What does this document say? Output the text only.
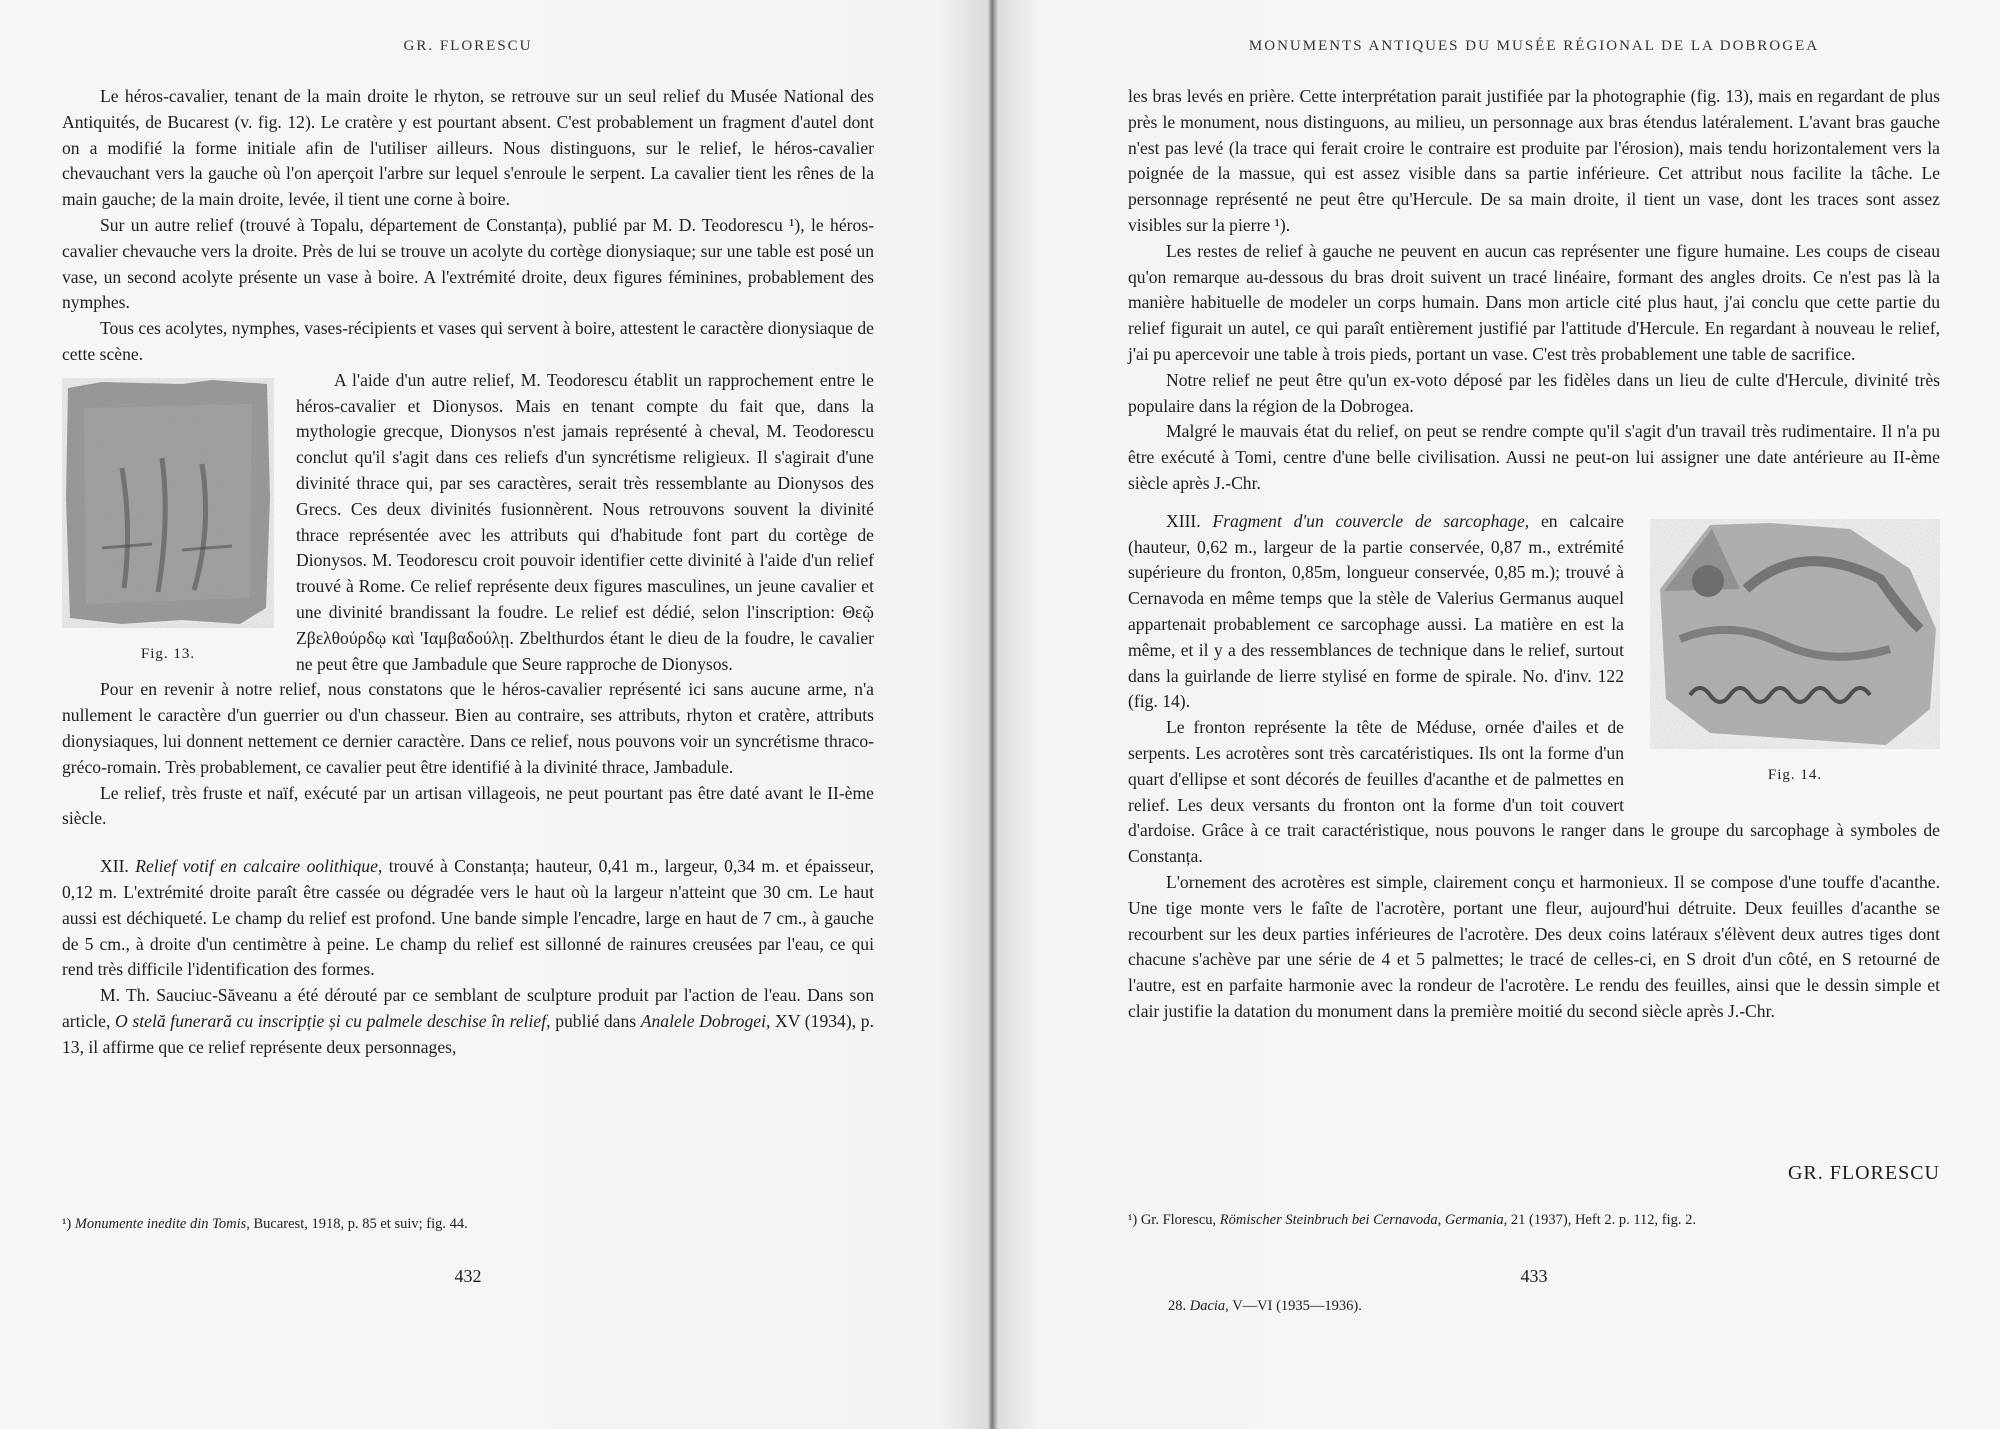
GR. FLORESCU

Le héros-cavalier, tenant de la main droite le rhyton, se retrouve sur un seul relief du Musée National des Antiquités, de Bucarest (v. fig. 12). Le cratère y est pourtant absent. C'est probablement un fragment d'autel dont on a modifié la forme initiale afin de l'utiliser ailleurs. Nous distinguons, sur le relief, le héros-cavalier chevauchant vers la gauche où l'on aperçoit l'arbre sur lequel s'enroule le serpent. La cavalier tient les rênes de la main gauche; de la main droite, levée, il tient une corne à boire.

Sur un autre relief (trouvé à Topalu, département de Constanța), publié par M. D. Teodorescu ¹), le héros-cavalier chevauche vers la droite. Près de lui se trouve un acolyte du cortège dionysiaque; sur une table est posé un vase, un second acolyte présente un vase à boire. A l'extrémité droite, deux figures féminines, probablement des nymphes.

Tous ces acolytes, nymphes, vases-récipients et vases qui servent à boire, attestent le caractère dionysiaque de cette scène.

Fig. 13.

A l'aide d'un autre relief, M. Teodorescu établit un rapprochement entre le héros-cavalier et Dionysos. Mais en tenant compte du fait que, dans la mythologie grecque, Dionysos n'est jamais représenté à cheval, M. Teodorescu conclut qu'il s'agit dans ces reliefs d'un syncrétisme religieux. Il s'agirait d'une divinité thrace qui, par ses caractères, serait très ressemblante au Dionysos des Grecs. Ces deux divinités fusionnèrent. Nous retrouvons souvent la divinité thrace représentée avec les attributs qui d'habitude font part du cortège de Dionysos. M. Teodorescu croit pouvoir identifier cette divinité à l'aide d'un relief trouvé à Rome. Ce relief représente deux figures masculines, un jeune cavalier et une divinité brandissant la foudre. Le relief est dédié, selon l'inscription: Θεῷ Ζβελθούρδῳ καὶ 'Ιαμβαδούλῃ. Zbelthurdos étant le dieu de la foudre, le cavalier ne peut être que Jambadule que Seure rapproche de Dionysos.

Pour en revenir à notre relief, nous constatons que le héros-cavalier représenté ici sans aucune arme, n'a nullement le caractère d'un guerrier ou d'un chasseur. Bien au contraire, ses attributs, rhyton et cratère, attributs dionysiaques, lui donnent nettement ce dernier caractère. Dans ce relief, nous pouvons voir un syncrétisme thraco-gréco-romain. Très probablement, ce cavalier peut être identifié à la divinité thrace, Jambadule.

Le relief, très fruste et naïf, exécuté par un artisan villageois, ne peut pourtant pas être daté avant le II-ème siècle.

XII. Relief votif en calcaire oolithique, trouvé à Constanța; hauteur, 0,41 m., largeur, 0,34 m. et épaisseur, 0,12 m. L'extrémité droite paraît être cassée ou dégradée vers le haut où la largeur n'atteint que 30 cm. Le haut aussi est déchiqueté. Le champ du relief est profond. Une bande simple l'encadre, large en haut de 7 cm., à gauche de 5 cm., à droite d'un centimètre à peine. Le champ du relief est sillonné de rainures creusées par l'eau, ce qui rend très difficile l'identification des formes.

M. Th. Sauciuc-Săveanu a été dérouté par ce semblant de sculpture produit par l'action de l'eau. Dans son article, O stelă funerară cu inscripție și cu palmele deschise în relief, publié dans Analele Dobrogei, XV (1934), p. 13, il affirme que ce relief représente deux personnages,

¹) Monumente inedite din Tomis, Bucarest, 1918, p. 85 et suiv; fig. 44.
432
MONUMENTS ANTIQUES DU MUSÉE RÉGIONAL DE LA DOBROGEA

les bras levés en prière. Cette interprétation parait justifiée par la photographie (fig. 13), mais en regardant de plus près le monument, nous distinguons, au milieu, un personnage aux bras étendus latéralement. L'avant bras gauche n'est pas levé (la trace qui ferait croire le contraire est produite par l'érosion), mais tendu horizontalement vers la poignée de la massue, qui est assez visible dans sa partie inférieure. Cet attribut nous facilite la tâche. Le personnage représenté ne peut être qu'Hercule. De sa main droite, il tient un vase, dont les traces sont assez visibles sur la pierre ¹).

Les restes de relief à gauche ne peuvent en aucun cas représenter une figure humaine. Les coups de ciseau qu'on remarque au-dessous du bras droit suivent un tracé linéaire, formant des angles droits. Ce n'est pas là la manière habituelle de modeler un corps humain. Dans mon article cité plus haut, j'ai conclu que cette partie du relief figurait un autel, ce qui paraît entièrement justifié par l'attitude d'Hercule. En regardant à nouveau le relief, j'ai pu apercevoir une table à trois pieds, portant un vase. C'est très probablement une table de sacrifice.

Notre relief ne peut être qu'un ex-voto déposé par les fidèles dans un lieu de culte d'Hercule, divinité très populaire dans la région de la Dobrogea.

Malgré le mauvais état du relief, on peut se rendre compte qu'il s'agit d'un travail très rudimentaire. Il n'a pu être exécuté à Tomi, centre d'une belle civilisation. Aussi ne peut-on lui assigner une date antérieure au II-ème siècle après J.-Chr.

Fig. 14.

XIII. Fragment d'un couvercle de sarcophage, en calcaire (hauteur, 0,62 m., largeur de la partie conservée, 0,87 m., extrémité supérieure du fronton, 0,85m, longueur conservée, 0,85 m.); trouvé à Cernavoda en même temps que la stèle de Valerius Germanus auquel appartenait probablement ce sarcophage aussi. La matière en est la même, et il y a des ressemblances de technique dans le relief, surtout dans la guirlande de lierre stylisé en forme de spirale. No. d'inv. 122 (fig. 14).

Le fronton représente la tête de Méduse, ornée d'ailes et de serpents. Les acrotères sont très carcatéristiques. Ils ont la forme d'un quart d'ellipse et sont décorés de feuilles d'acanthe et de palmettes en relief. Les deux versants du fronton ont la forme d'un toit couvert d'ardoise. Grâce à ce trait caractéristique, nous pouvons le ranger dans le groupe du sarcophage à symboles de Constanța.

L'ornement des acrotères est simple, clairement conçu et harmonieux. Il se compose d'une touffe d'acanthe. Une tige monte vers le faîte de l'acrotère, portant une fleur, aujourd'hui détruite. Deux feuilles d'acanthe se recourbent sur les deux parties inférieures de l'acrotère. Des deux coins latéraux s'élèvent deux autres tiges dont chacune s'achève par une série de 4 et 5 palmettes; le tracé de celles-ci, en S droit d'un côté, en S retourné de l'autre, est en parfaite harmonie avec la rondeur de l'acrotère. Le rendu des feuilles, ainsi que le dessin simple et clair justifie la datation du monument dans la première moitié du second siècle après J.-Chr.

GR. FLORESCU
¹) Gr. Florescu, Römischer Steinbruch bei Cernavoda, Germania, 21 (1937), Heft 2. p. 112, fig. 2.
433
28. Dacia, V—VI (1935—1936).
